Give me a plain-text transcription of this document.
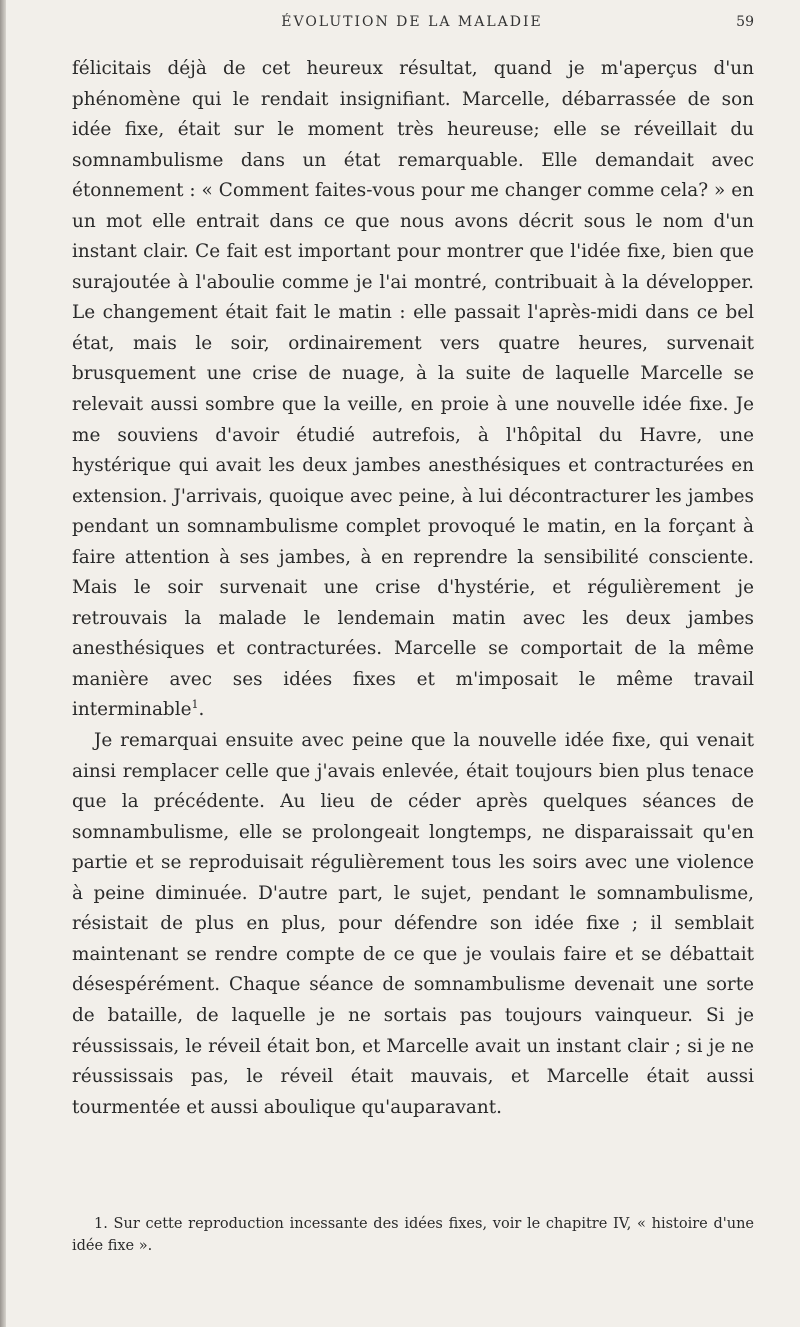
ÉVOLUTION DE LA MALADIE	59

félicitais déjà de cet heureux résultat, quand je m'aperçus d'un phénomène qui le rendait insignifiant. Marcelle, débarrassée de son idée fixe, était sur le moment très heureuse; elle se réveillait du somnambulisme dans un état remarquable. Elle demandait avec étonnement : « Comment faites-vous pour me changer comme cela? » en un mot elle entrait dans ce que nous avons décrit sous le nom d'un instant clair. Ce fait est important pour montrer que l'idée fixe, bien que surajoutée à l'aboulie comme je l'ai montré, contribuait à la développer. Le changement était fait le matin : elle passait l'après-midi dans ce bel état, mais le soir, ordinairement vers quatre heures, survenait brusquement une crise de nuage, à la suite de laquelle Marcelle se relevait aussi sombre que la veille, en proie à une nouvelle idée fixe. Je me souviens d'avoir étudié autrefois, à l'hôpital du Havre, une hystérique qui avait les deux jambes anesthésiques et contracturées en extension. J'arrivais, quoique avec peine, à lui décontracturer les jambes pendant un somnambulisme complet provoqué le matin, en la forçant à faire attention à ses jambes, à en reprendre la sensibilité consciente. Mais le soir survenait une crise d'hystérie, et régulièrement je retrouvais la malade le lendemain matin avec les deux jambes anesthésiques et contracturées. Marcelle se comportait de la même manière avec ses idées fixes et m'imposait le même travail interminable$^1$.

Je remarquai ensuite avec peine que la nouvelle idée fixe, qui venait ainsi remplacer celle que j'avais enlevée, était toujours bien plus tenace que la précédente. Au lieu de céder après quelques séances de somnambulisme, elle se prolongeait longtemps, ne disparaissait qu'en partie et se reproduisait régulièrement tous les soirs avec une violence à peine diminuée. D'autre part, le sujet, pendant le somnambulisme, résistait de plus en plus, pour défendre son idée fixe ; il semblait maintenant se rendre compte de ce que je voulais faire et se débattait désespérément. Chaque séance de somnambulisme devenait une sorte de bataille, de laquelle je ne sortais pas toujours vainqueur. Si je réussissais, le réveil était bon, et Marcelle avait un instant clair ; si je ne réussissais pas, le réveil était mauvais, et Marcelle était aussi tourmentée et aussi aboulique qu'auparavant.

1. Sur cette reproduction incessante des idées fixes, voir le chapitre IV, « histoire d'une idée fixe ».
